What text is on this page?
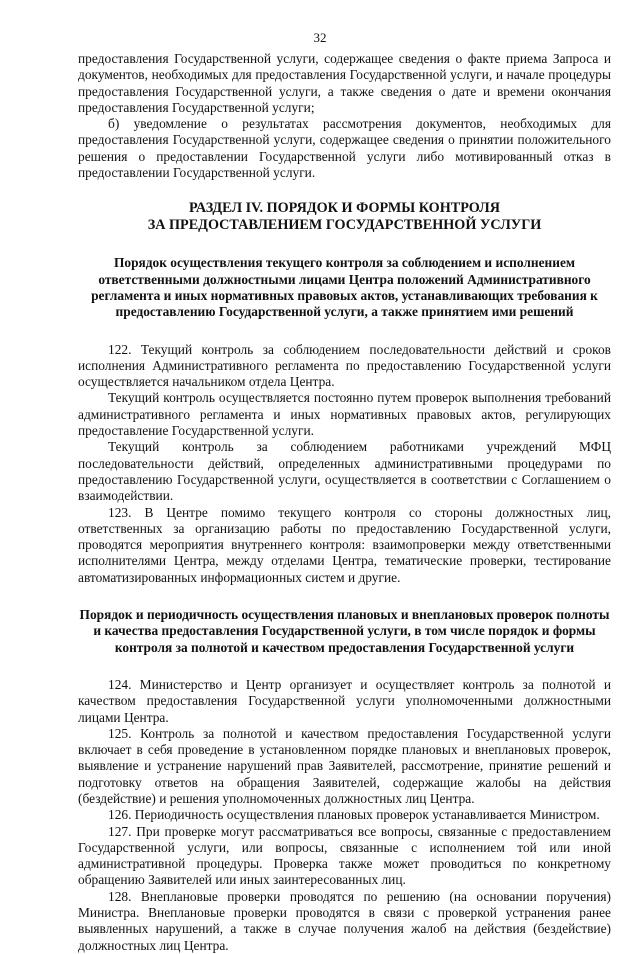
32

предоставления Государственной услуги, содержащее сведения о факте приема Запроса и документов, необходимых для предоставления Государственной услуги, и начале процедуры предоставления Государственной услуги, а также сведения о дате и времени окончания предоставления Государственной услуги;

б) уведомление о результатах рассмотрения документов, необходимых для предоставления Государственной услуги, содержащее сведения о принятии положительного решения о предоставлении Государственной услуги либо мотивированный отказ в предоставлении Государственной услуги.

РАЗДЕЛ IV. ПОРЯДОК И ФОРМЫ КОНТРОЛЯ
ЗА ПРЕДОСТАВЛЕНИЕМ ГОСУДАРСТВЕННОЙ УСЛУГИ
Порядок осуществления текущего контроля за соблюдением и исполнением ответственными должностными лицами Центра положений Административного регламента и иных нормативных правовых актов, устанавливающих требования к предоставлению Государственной услуги, а также принятием ими решений

122. Текущий контроль за соблюдением последовательности действий и сроков исполнения Административного регламента по предоставлению Государственной услуги осуществляется начальником отдела Центра.

Текущий контроль осуществляется постоянно путем проверок выполнения требований административного регламента и иных нормативных правовых актов, регулирующих предоставление Государственной услуги.

Текущий контроль за соблюдением работниками учреждений МФЦ последовательности действий, определенных административными процедурами по предоставлению Государственной услуги, осуществляется в соответствии с Соглашением о взаимодействии.

123. В Центре помимо текущего контроля со стороны должностных лиц, ответственных за организацию работы по предоставлению Государственной услуги, проводятся мероприятия внутреннего контроля: взаимопроверки между ответственными исполнителями Центра, между отделами Центра, тематические проверки, тестирование автоматизированных информационных систем и другие.

Порядок и периодичность осуществления плановых и внеплановых проверок полноты и качества предоставления Государственной услуги, в том числе порядок и формы контроля за полнотой и качеством предоставления Государственной услуги

124. Министерство и Центр организует и осуществляет контроль за полнотой и качеством предоставления Государственной услуги уполномоченными должностными лицами Центра.

125. Контроль за полнотой и качеством предоставления Государственной услуги включает в себя проведение в установленном порядке плановых и внеплановых проверок, выявление и устранение нарушений прав Заявителей, рассмотрение, принятие решений и подготовку ответов на обращения Заявителей, содержащие жалобы на действия (бездействие) и решения уполномоченных должностных лиц Центра.

126. Периодичность осуществления плановых проверок устанавливается Министром.

127. При проверке могут рассматриваться все вопросы, связанные с предоставлением Государственной услуги, или вопросы, связанные с исполнением той или иной административной процедуры. Проверка также может проводиться по конкретному обращению Заявителей или иных заинтересованных лиц.

128. Внеплановые проверки проводятся по решению (на основании поручения) Министра. Внеплановые проверки проводятся в связи с проверкой устранения ранее выявленных нарушений, а также в случае получения жалоб на действия (бездействие) должностных лиц Центра.
